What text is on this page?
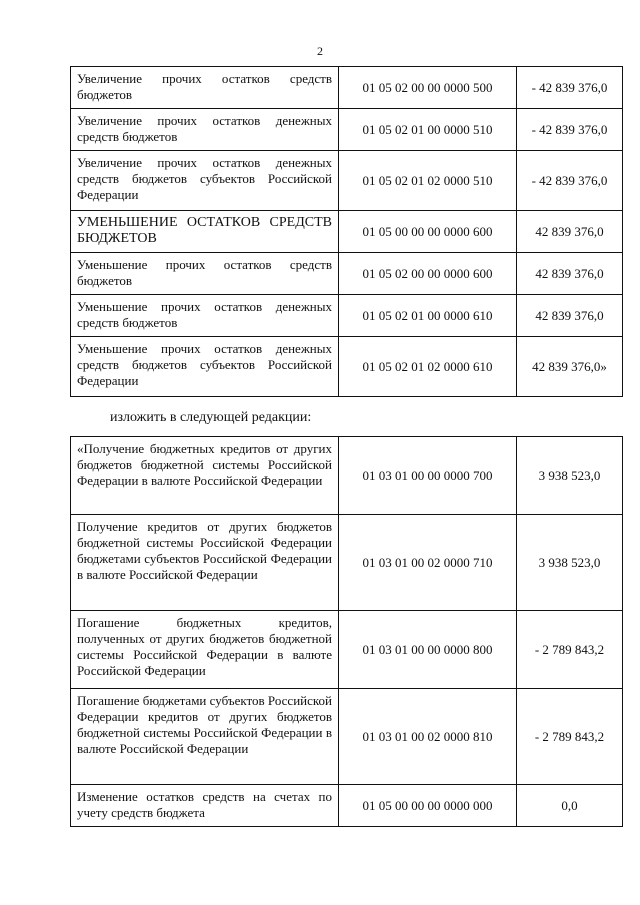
2
Увеличение прочих остатков средств бюджетов	01 05 02 00 00 0000 500	- 42 839 376,0
Увеличение прочих остатков денежных средств бюджетов	01 05 02 01 00 0000 510	- 42 839 376,0
Увеличение прочих остатков денежных средств бюджетов субъектов Российской Федерации	01 05 02 01 02 0000 510	- 42 839 376,0
УМЕНЬШЕНИЕ ОСТАТКОВ СРЕДСТВ БЮДЖЕТОВ	01 05 00 00 00 0000 600	42 839 376,0
Уменьшение прочих остатков средств бюджетов	01 05 02 00 00 0000 600	42 839 376,0
Уменьшение прочих остатков денежных средств бюджетов	01 05 02 01 00 0000 610	42 839 376,0
Уменьшение прочих остатков денежных средств бюджетов субъектов Российской Федерации	01 05 02 01 02 0000 610	42 839 376,0»
изложить в следующей редакции:
«Получение бюджетных кредитов от других бюджетов бюджетной системы Российской Федерации в валюте Российской Федерации	01 03 01 00 00 0000 700	3 938 523,0
Получение кредитов от других бюджетов бюджетной системы Российской Федерации бюджетами субъектов Российской Федерации в валюте Российской Федерации	01 03 01 00 02 0000 710	3 938 523,0
Погашение бюджетных кредитов, полученных от других бюджетов бюджетной системы Российской Федерации в валюте Российской Федерации	01 03 01 00 00 0000 800	- 2 789 843,2
Погашение бюджетами субъектов Российской Федерации кредитов от других бюджетов бюджетной системы Российской Федерации в валюте Российской Федерации	01 03 01 00 02 0000 810	- 2 789 843,2
Изменение остатков средств на счетах по учету средств бюджета	01 05 00 00 00 0000 000	0,0
